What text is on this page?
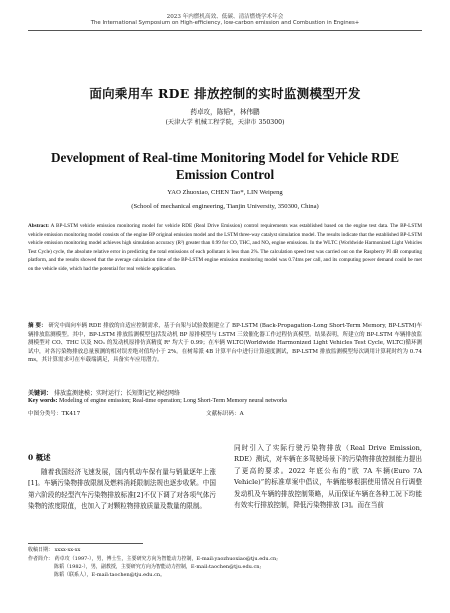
2023 年内燃机高效、低碳、清洁燃烧学术年会
The International Symposium on High-efficiency, low-carbon emission and Combustion in Engines+
面向乘用车 RDE 排放控制的实时监测模型开发
药卓攻，陈韬*，林伟鹏
(天津大学 机械工程学院，天津市 350300)
Development of Real-time Monitoring Model for Vehicle RDE Emission Control
YAO Zhuoxiao, CHEN Tao*, LIN Weipeng
(School of mechanical engineering, Tianjin University, 350300, China)
Abstract: A BP-LSTM vehicle emission monitoring model for vehicle RDE (Real Drive Emission) control requirements was established based on the engine test data. The BP-LSTM vehicle emission monitoring model consists of the engine BP original emission model and the LSTM three-way catalyst simulation model. The results indicate that the established BP-LSTM vehicle emission monitoring model achieves high simulation accuracy (R²) greater than 0.99 for CO, THC, and NOₓ engine emissions. In the WLTC (Worldwide Harmonized Light Vehicles Test Cycle) cycle, the absolute relative error in predicting the total emissions of each pollutant is less than 2%. The calculation speed test was carried out on the Raspberry PI 4B computing platform, and the results showed that the average calculation time of the BP-LSTM engine emission monitoring model was 0.74ms per call, and its computing power demand could be met on the vehicle side, which had the potential for real vehicle application.
摘 要： 研究中面向车辆 RDE 排放的自适应控制需求，基于台架与试验数据建立了 BP-LSTM (Back-Propagation-Long Short-Term Memory, BP-LSTM)车辆排放监测模型。其中，BP-LSTM 排放监测模型包括发动机 BP 原排模型与 LSTM 三效催化器工作过程仿真模型。结果表明，所建立的 BP-LSTM 车辆排放监测模型对 CO、THC 以及 NOₓ 的发动机原排仿真精度 R² 均大于 0.99；在车辆 WLTC(Worldwide Harmonized Light Vehicles Test Cycle, WLTC)循环测试中，对各污染物排放总量预测的相对误差绝对值均小于 2%。在树莓派 4B 计算平台中进行计算速度测试，BP-LSTM 排放监测模型每次调用计算耗时约为 0.74 ms，其计算需求可在车载端满足，具备实车应用潜力。
关键词： 排放监测建模；实时运行；长短期记忆神经网络
Key words: Modeling of engine emission; Real-time operation; Long Short-Term Memory neural networks
中图分类号：TK417	文献标识码：A
0 概述
随着我国经济飞速发展，国内机动车保有量与销量逐年上涨[1]。车辆污染物排放限制及燃料消耗限制法规也逐步收紧。中国第六阶段的轻型汽车污染物排放标准[2]不仅下调了对各项气体污染物的浓度限值，也加入了对颗粒物排放质量及数量的限制。
同时引入了实际行驶污染物排放（Real Drive Emission, RDE）测试，对车辆在多驾驶场景下的污染物排放控制能力提出了更高的要求。2022 年底公布的“欧 7A 车辆(Euro 7A Vehicle)”的标准草案中倡议，车辆能够根据使用情况自行调整发动机及车辆的排放控制策略，从而保证车辆在各种工况下均能有效实行排放控制，降低污染物排放 [3]。而在当前
收稿日期： xxxx-xx-xx
作者简介： 药卓攻（1997-），男，博士生，主要研究方向为智能动力控制，E-mail:yaozhuoxiao@tju.edu.cn;
陈韬（1982-），男，副教授，主要研究方向为智能动力控制，E-mail:taochen@tju.edu.cn;
陈韬（联系人），E-mail:taochen@tju.edu.cn。
